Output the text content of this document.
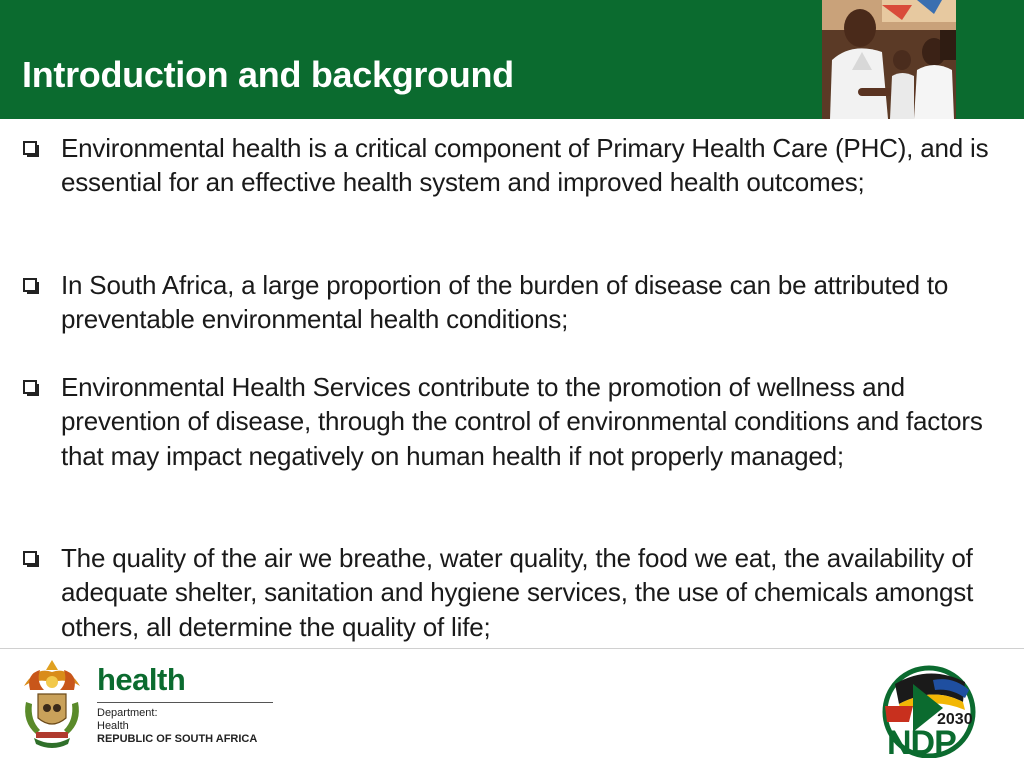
Introduction and background

Environmental health is a critical component of Primary Health Care (PHC), and is essential for an effective health system and improved health outcomes;

In South Africa, a large proportion of the burden of disease can be attributed to preventable environmental health conditions;

Environmental Health Services contribute to the promotion of wellness and prevention of disease, through the control of environmental conditions and factors that may impact negatively on human health if not properly managed;

The quality of the air we breathe, water quality, the food we eat, the availability of adequate shelter, sanitation and hygiene services, the use of chemicals amongst others, all determine the quality of life;

health
Department:
Health
REPUBLIC OF SOUTH AFRICA
2030
NDP
